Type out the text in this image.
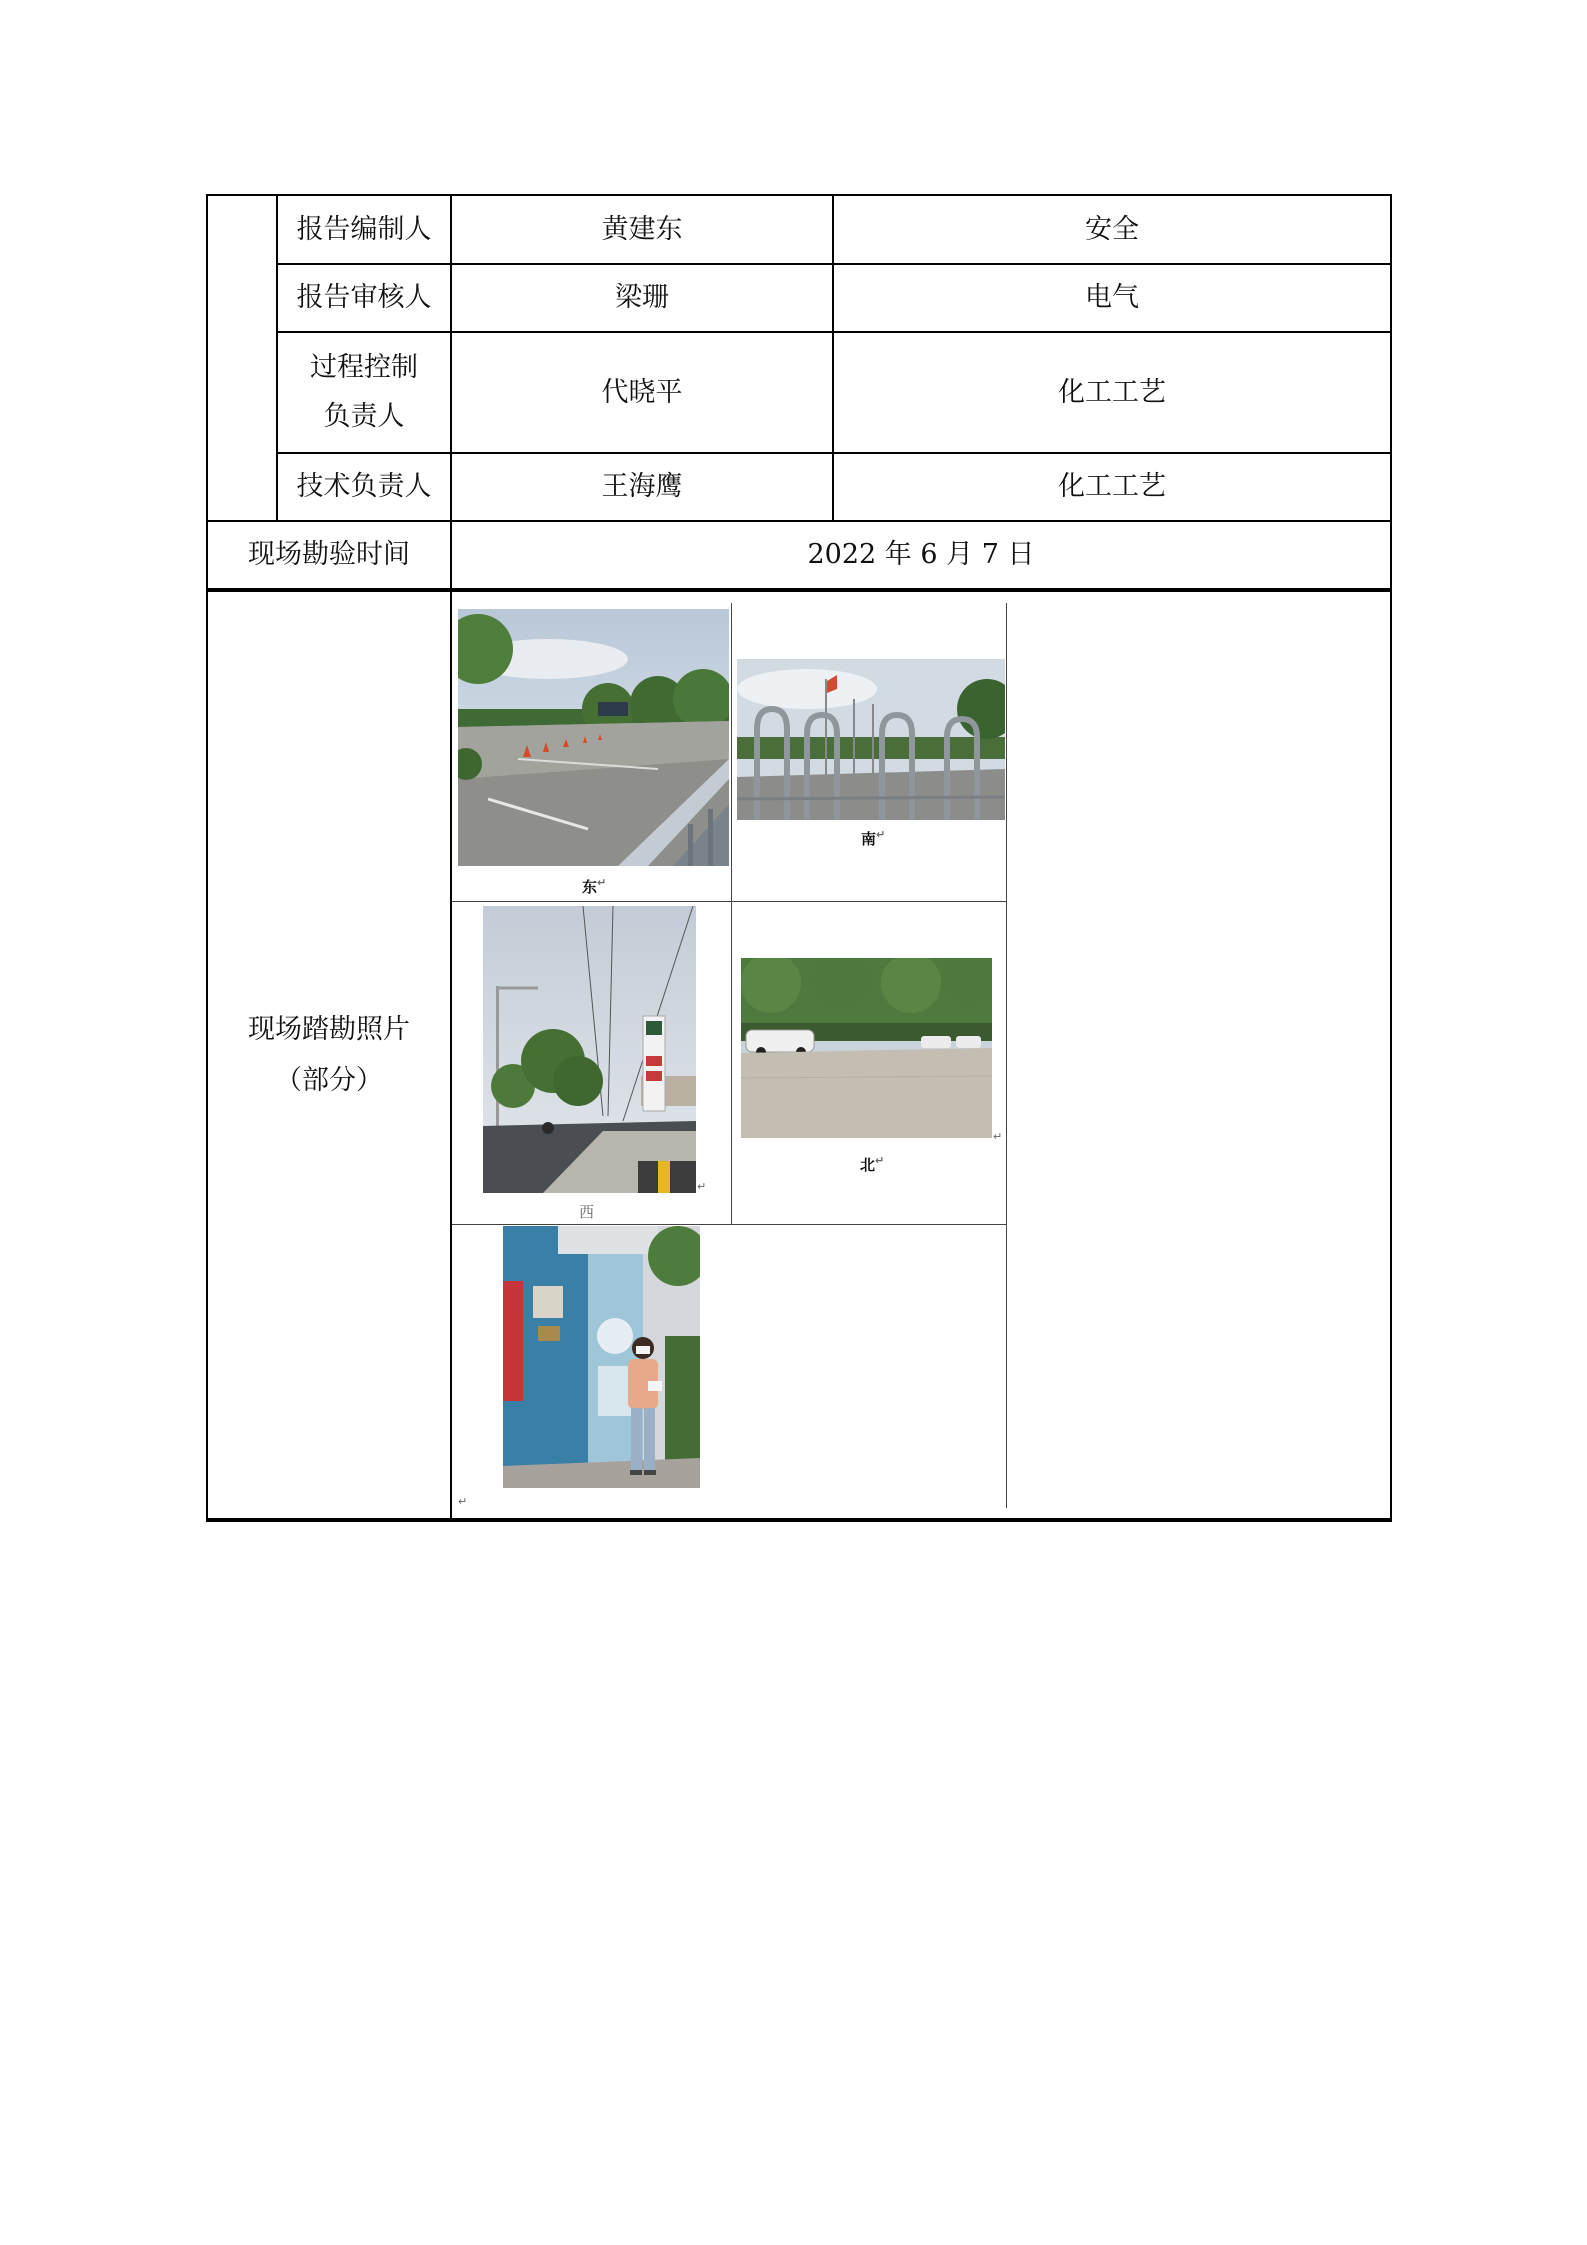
报告编制人	黄建东	安全
报告审核人	梁珊	电气
过程控制
负责人
代晓平	化工工艺
技术负责人	王海鹰	化工工艺
现场勘验时间	2022 年 6 月 7 日
现场踏勘照片
（部分）
东 ↵
南 ↵
西
↵
↵
北 ↵
↵
